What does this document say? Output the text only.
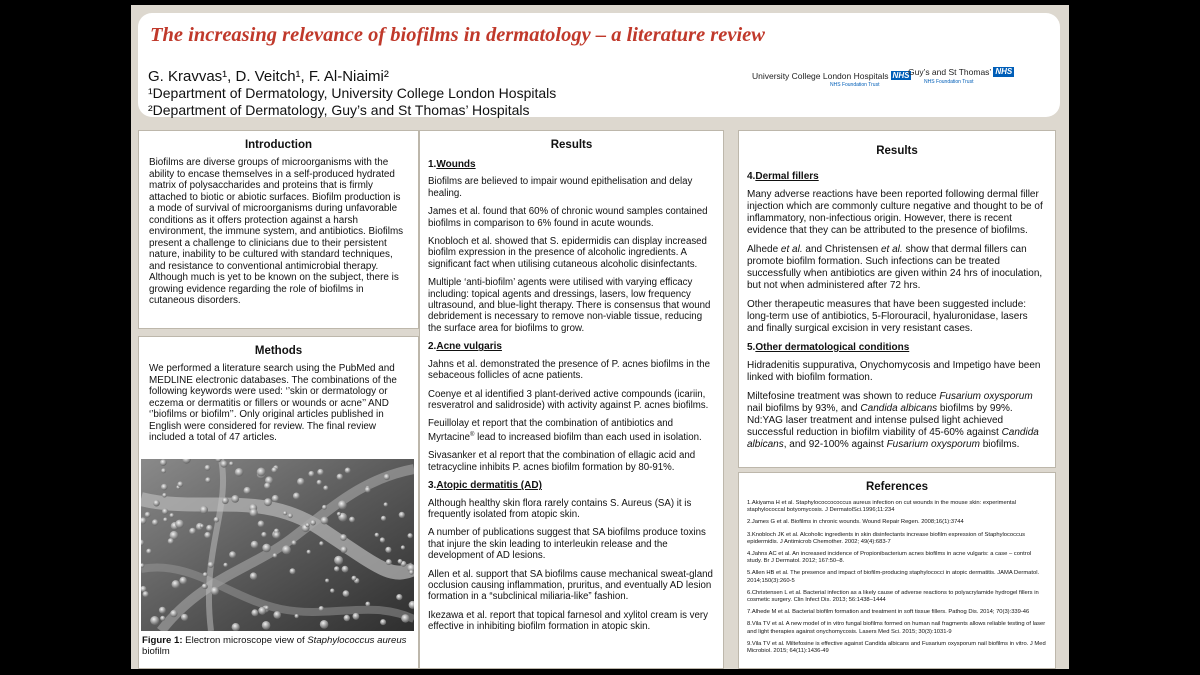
The increasing relevance of biofilms in dermatology – a literature review
G. Kravvas¹, D. Veitch¹, F. Al-Niaimi²
¹Department of Dermatology, University College London Hospitals
²Department of Dermatology, Guy’s and St Thomas’ Hospitals
University College London Hospitals NHS
NHS Foundation Trust
Guy’s and St Thomas’ NHS
NHS Foundation Trust
Introduction
Biofilms are diverse groups of microorganisms with the ability to encase themselves in a self-produced hydrated matrix of polysaccharides and proteins that is firmly attached to biotic or abiotic surfaces. Biofilm production is a mode of survival of microorganisms during unfavorable conditions as it offers protection against a harsh environment, the immune system, and antibiotics. Biofilms present a challenge to clinicians due to their persistent nature, inability to be cultured with standard techniques, and resistance to conventional antimicrobial therapy. Although much is yet to be known on the subject, there is growing evidence regarding the role of biofilms in cutaneous disorders.
Methods
We performed a literature search using the PubMed and MEDLINE electronic databases. The combinations of the following keywords were used: ‘’skin or dermatology or eczema or dermatitis or fillers or wounds or acne’’ AND ‘’biofilms or biofilm’’. Only original articles published in English were considered for review. The final review included a total of 47 articles.
Figure 1: Electron microscope view of Staphylococcus aureus biofilm
Results
1.Wounds

Biofilms are believed to impair wound epithelisation and delay healing.

James et al. found that 60% of chronic wound samples contained biofilms in comparison to 6% found in acute wounds.

Knobloch et al. showed that S. epidermidis can display increased biofilm expression in the presence of alcoholic ingredients. A significant fact when utilising cutaneous alcoholic disinfectants.

Multiple ‘anti-biofilm’ agents were utilised with varying efficacy including: topical agents and dressings, lasers, low frequency ultrasound, and blue-light therapy. There is consensus that wound debridement is necessary to remove non-viable tissue, reducing the surface area for biofilms to grow.

2.Acne vulgaris

Jahns et al. demonstrated the presence of P. acnes biofilms in the sebaceous follicles of acne patients.

Coenye et al identified 3 plant-derived active compounds (icariin, resveratrol and salidroside) with activity against P. acnes biofilms.

Feuillolay et report that the combination of antibiotics and Myrtacine® lead to increased biofilm than each used in isolation.

Sivasanker et al report that the combination of ellagic acid and tetracycline inhibits P. acnes biofilm formation by 80-91%.

3.Atopic dermatitis (AD)

Although healthy skin flora rarely contains S. Aureus (SA) it is frequently isolated from atopic skin.

A number of publications suggest that SA biofilms produce toxins that injure the skin leading to interleukin release and the development of AD lesions.

Allen et al. support that SA biofilms cause mechanical sweat-gland occlusion causing inflammation, pruritus, and eventually AD lesion formation in a “subclinical miliaria-like” fashion.

Ikezawa et al. report that topical farnesol and xylitol cream is very effective in inhibiting biofilm formation in atopic skin.

Results
4.Dermal fillers

Many adverse reactions have been reported following dermal filler injection which are commonly culture negative and thought to be of inflammatory, non-infectious origin. However, there is recent evidence that they can be attributed to the presence of biofilms.

Alhede et al. and Christensen et al. show that dermal fillers can promote biofilm formation. Such infections can be treated successfully when antibiotics are given within 24 hrs of inoculation, but not when administered after 72 hrs.

Other therapeutic measures that have been suggested include: long-term use of antibiotics, 5-Florouracil, hyaluronidase, lasers and finally surgical excision in very resistant cases.

5.Other dermatological conditions

Hidradenitis suppurativa, Onychomycosis and Impetigo have been linked with biofilm formation.

Miltefosine treatment was shown to reduce Fusarium oxysporum nail biofilms by 93%, and Candida albicans biofilms by 99%.

Nd:YAG laser treatment and intense pulsed light achieved successful reduction in biofilm viability of 45-60% against Candida albicans, and 92-100% against Fusarium oxysporum biofilms.

References
1.Akiyama H et al. Staphylococcococcus aureus infection on cut wounds in the mouse skin: experimental staphylococcal botyomycosis. J DermatolSci.1996;11:234
2.James G et al. Biofilms in chronic wounds. Wound Repair Regen. 2008;16(1):3744
3.Knobloch JK et al. Alcoholic ingredients in skin disinfectants increase biofilm expression of Staphylococcus epidermidis. J Antimicrob Chemother. 2002; 49(4):683-7
4.Jahns AC et al. An increased incidence of Propionibacterium acnes biofilms in acne vulgaris: a case – control study. Br J Dermatol. 2012; 167:50–8.
5.Allen HB et al. The presence and impact of biofilm-producing staphylococci in atopic dermatitis. JAMA Dermatol. 2014;150(3):260-5
6.Christensen L et al. Bacterial infection as a likely cause of adverse reactions to polyacrylamide hydrogel fillers in cosmetic surgery. Clin Infect Dis. 2013; 56:1438–1444
7.Alhede M et al. Bacterial biofilm formation and treatment in soft tissue fillers. Pathog Dis. 2014; 70(3):339-46
8.Vila TV et al. A new model of in vitro fungal biofilms formed on human nail fragments allows reliable testing of laser and light therapies against onychomycosis. Lasers Med Sci. 2015; 30(3):1031-9
9.Vila TV et al. Miltefosine is effective against Candida albicans and Fusarium oxysporum nail biofilms in vitro. J Med Microbiol. 2015; 64(11):1436-49
